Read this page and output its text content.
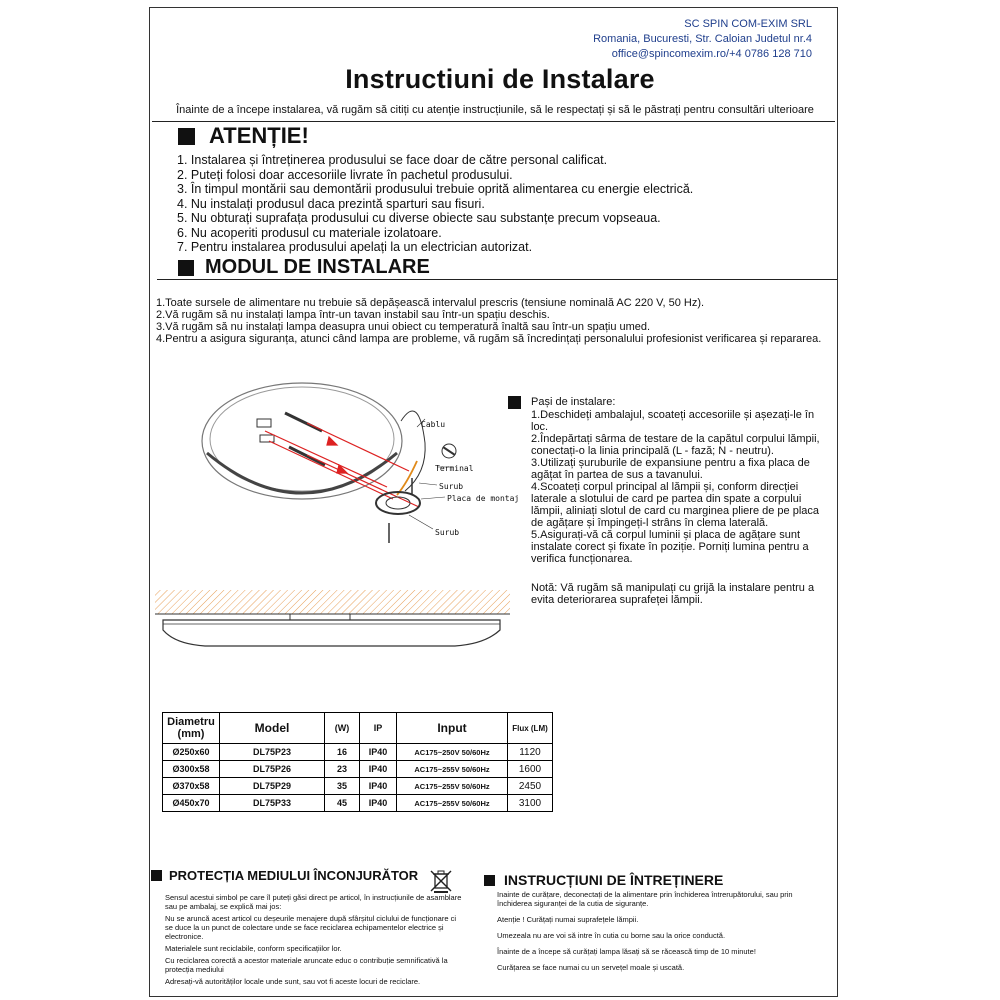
SC SPIN COM-EXIM SRL
Romania, Bucuresti, Str. Caloian Judetul nr.4
office@spincomexim.ro/+4 0786 128 710
Instructiuni de Instalare
Înainte de a începe instalarea, vă rugăm să citiți cu atenție instrucțiunile, să le respectați și să le păstrați pentru consultări ulterioare
ATENȚIE!
1. Instalarea și întreținerea produsului se face doar de către personal calificat.
2. Puteți folosi doar accesoriile livrate în pachetul produsului.
3. În timpul montării sau demontării produsului trebuie oprită alimentarea cu energie electrică.
4. Nu instalați produsul daca prezintă sparturi sau fisuri.
5. Nu obturați suprafața produsului cu diverse obiecte sau substanțe precum vopseaua.
6. Nu acoperiti produsul cu materiale izolatoare.
7. Pentru instalarea produsului apelați la un electrician autorizat.
MODUL DE INSTALARE
1.Toate sursele de alimentare nu trebuie să depășească intervalul prescris (tensiune nominală AC 220 V, 50 Hz).
2.Vă rugăm să nu instalați lampa într-un tavan instabil sau într-un spațiu deschis.
3.Vă rugăm să nu instalați lampa deasupra unui obiect cu temperatură înaltă sau într-un spațiu umed.
4.Pentru a asigura siguranța, atunci când lampa are probleme, vă rugăm să încredințați personalului profesionist verificarea și repararea.
Cablu
Terminal
Surub
Placa de montaj
Surub
Pași de instalare:
1.Deschideți ambalajul, scoateți accesoriile și așezați-le în loc.
2.Îndepărtați sârma de testare de la capătul corpului lămpii, conectați-o la linia principală (L - fază; N - neutru).
3.Utilizați șuruburile de expansiune pentru a fixa placa de agățat în partea de sus a tavanului.
4.Scoateți corpul principal al lămpii și, conform direcției laterale a slotului de card pe partea din spate a corpului lămpii, aliniați slotul de card cu marginea pliere de pe placa de agățare și împingeți-l strâns în clema laterală.
5.Asigurați-vă că corpul luminii și placa de agățare sunt instalate corect și fixate în poziție. Porniți lumina pentru a verifica funcționarea.
Notă: Vă rugăm să manipulați cu grijă la instalare pentru a evita deteriorarea suprafeței lămpii.
Diametru (mm)	Model	(W)	IP	Input	Flux (LM)
Ø250x60	DL75P23	16	IP40	AC175~250V 50/60Hz	1120
Ø300x58	DL75P26	23	IP40	AC175~255V 50/60Hz	1600
Ø370x58	DL75P29	35	IP40	AC175~255V 50/60Hz	2450
Ø450x70	DL75P33	45	IP40	AC175~255V 50/60Hz	3100
PROTECȚIA MEDIULUI ÎNCONJURĂTOR
Sensul acestui simbol pe care îl puteți găsi direct pe articol, în instrucțiunile de asamblare sau pe ambalaj, se explică mai jos:
Nu se aruncă acest articol cu deșeurile menajere după sfârșitul ciclului de funcționare ci se duce la un punct de colectare unde se face reciclarea echipamentelor electrice și electronice.
Materialele sunt reciclabile, conform specificațiilor lor.
Cu reciclarea corectă a acestor materiale aruncate educ o contribuție semnificativă la protecția mediului
Adresați-vă autorităților locale unde sunt, sau vot fi aceste locuri de reciclare.
INSTRUCȚIUNI DE ÎNTREȚINERE
Inainte de curățare, deconectați de la alimentare prin închiderea întrerupătorului, sau prin închiderea siguranței de la cutia de siguranțe.
Atenție ! Curățați numai suprafețele lămpii.
Umezeala nu are voi să intre în cutia cu borne sau la orice conductă.
Înainte de a începe să curățați lampa lăsați să se răcească timp de 10 minute!
Curățarea se face numai cu un servețel moale și uscată.
